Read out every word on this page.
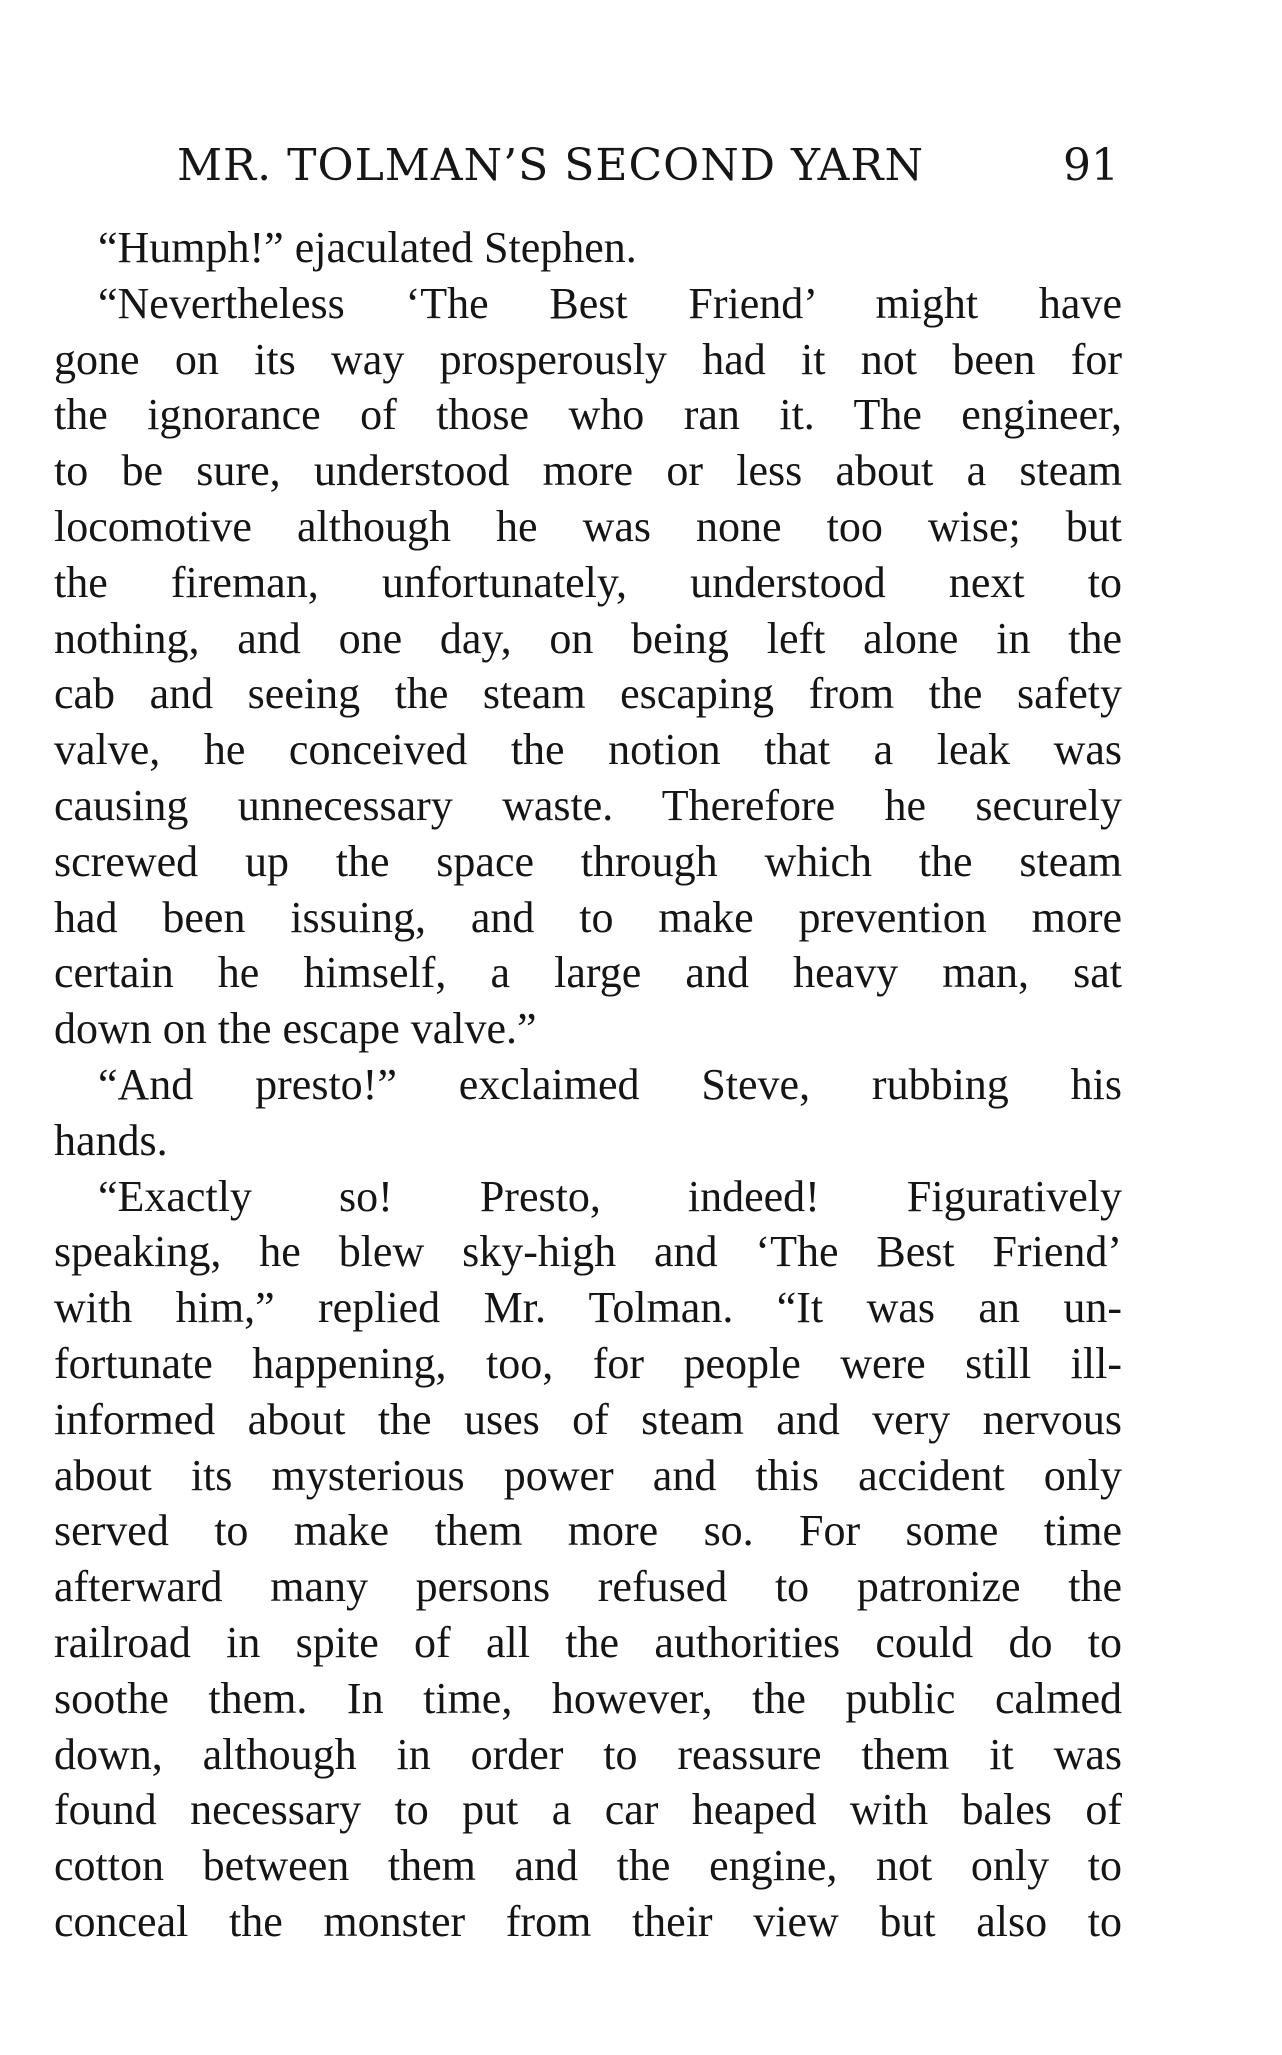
MR. TOLMAN’S SECOND YARN	91

“Humph!” ejaculated Stephen.

“Nevertheless ‘The Best Friend’ might have
gone on its way prosperously had it not been for
the ignorance of those who ran it. The engineer,
to be sure, understood more or less about a steam
locomotive although he was none too wise; but
the fireman, unfortunately, understood next to
nothing, and one day, on being left alone in the
cab and seeing the steam escaping from the safety
valve, he conceived the notion that a leak was
causing unnecessary waste. Therefore he securely
screwed up the space through which the steam
had been issuing, and to make prevention more
certain he himself, a large and heavy man, sat
down on the escape valve.”

“And presto!” exclaimed Steve, rubbing his
hands.

“Exactly so! Presto, indeed! Figuratively
speaking, he blew sky-high and ‘The Best Friend’
with him,” replied Mr. Tolman. “It was an un-
fortunate happening, too, for people were still ill-
informed about the uses of steam and very nervous
about its mysterious power and this accident only
served to make them more so. For some time
afterward many persons refused to patronize the
railroad in spite of all the authorities could do to
soothe them. In time, however, the public calmed
down, although in order to reassure them it was
found necessary to put a car heaped with bales of
cotton between them and the engine, not only to
conceal the monster from their view but also to
